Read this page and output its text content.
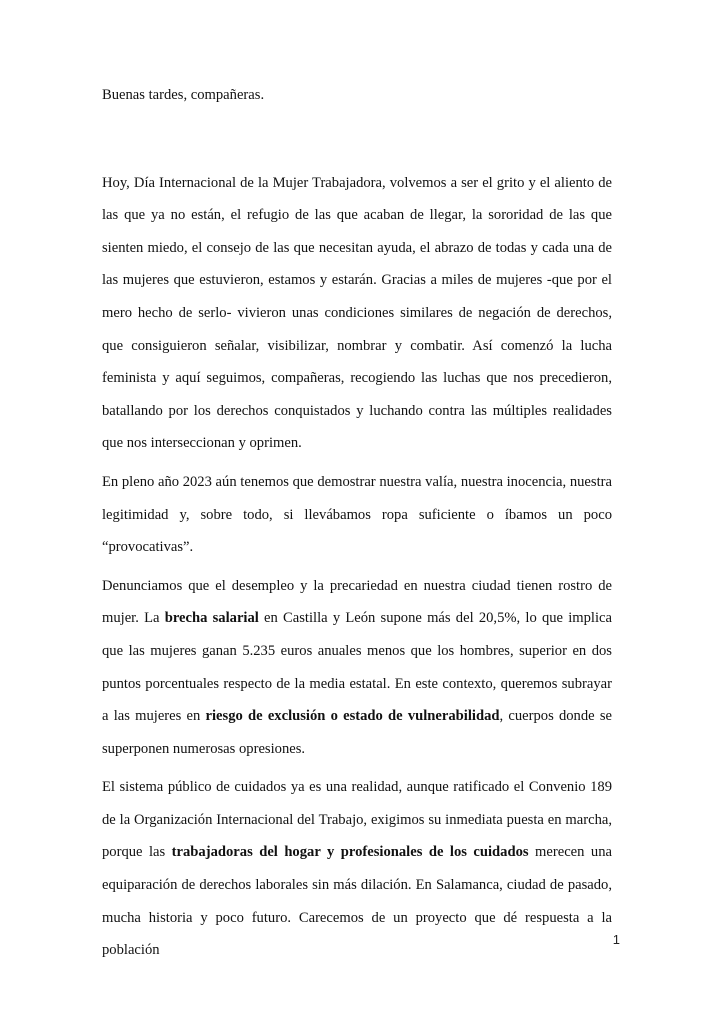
Buenas tardes, compañeras.

Hoy, Día Internacional de la Mujer Trabajadora, volvemos a ser el grito y el aliento de las que ya no están, el refugio de las que acaban de llegar, la sororidad de las que sienten miedo, el consejo de las que necesitan ayuda, el abrazo de todas y cada una de las mujeres que estuvieron, estamos y estarán. Gracias a miles de mujeres -que por el mero hecho de serlo- vivieron unas condiciones similares de negación de derechos, que consiguieron señalar, visibilizar, nombrar y combatir. Así comenzó la lucha feminista y aquí seguimos, compañeras, recogiendo las luchas que nos precedieron, batallando por los derechos conquistados y luchando contra las múltiples realidades que nos interseccionan y oprimen.

En pleno año 2023 aún tenemos que demostrar nuestra valía, nuestra inocencia, nuestra legitimidad y, sobre todo, si llevábamos ropa suficiente o íbamos un poco “provocativas”.

Denunciamos que el desempleo y la precariedad en nuestra ciudad tienen rostro de mujer. La brecha salarial en Castilla y León supone más del 20,5%, lo que implica que las mujeres ganan 5.235 euros anuales menos que los hombres, superior en dos puntos porcentuales respecto de la media estatal. En este contexto, queremos subrayar a las mujeres en riesgo de exclusión o estado de vulnerabilidad, cuerpos donde se superponen numerosas opresiones.

El sistema público de cuidados ya es una realidad, aunque ratificado el Convenio 189 de la Organización Internacional del Trabajo, exigimos su inmediata puesta en marcha, porque las trabajadoras del hogar y profesionales de los cuidados merecen una equiparación de derechos laborales sin más dilación. En Salamanca, ciudad de pasado, mucha historia y poco futuro. Carecemos de un proyecto que dé respuesta a la población

1
